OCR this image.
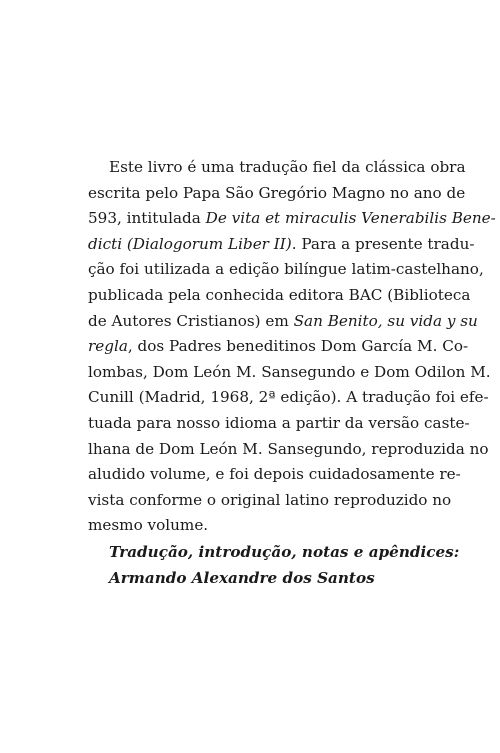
Este livro é uma tradução fiel da clássica obra
escrita pelo Papa São Gregório Magno no ano de
593, intitulada De vita et miraculis Venerabilis Bene-
dicti (Dialogorum Liber II). Para a presente tradu-
ção foi utilizada a edição bilíngue latim-castelhano,
publicada pela conhecida editora BAC (Biblioteca
de Autores Cristianos) em San Benito, su vida y su
regla, dos Padres beneditinos Dom García M. Co-
lombas, Dom León M. Sansegundo e Dom Odilon M.
Cunill (Madrid, 1968, 2ª edição). A tradução foi efe-
tuada para nosso idioma a partir da versão caste-
lhana de Dom León M. Sansegundo, reproduzida no
aludido volume, e foi depois cuidadosamente re-
vista conforme o original latino reproduzido no
mesmo volume.

Tradução, introdução, notas e apêndices:
Armando Alexandre dos Santos
